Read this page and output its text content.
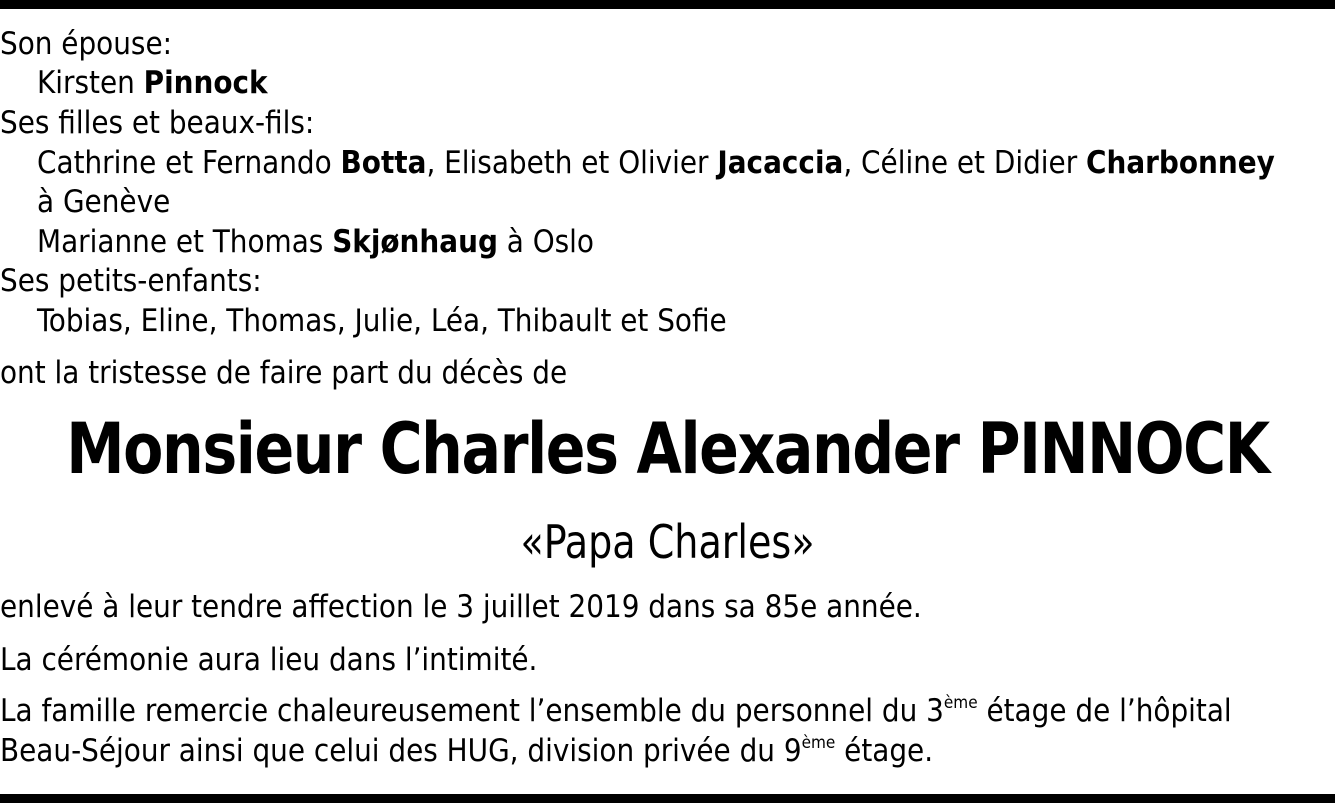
Son épouse:
Kirsten Pinnock
Ses filles et beaux-fils:
Cathrine et Fernando Botta, Elisabeth et Olivier Jacaccia, Céline et Didier Charbonney
à Genève
Marianne et Thomas Skjønhaug à Oslo
Ses petits-enfants:
Tobias, Eline, Thomas, Julie, Léa, Thibault et Sofie
ont la tristesse de faire part du décès de
Monsieur Charles Alexander PINNOCK
«Papa Charles»
enlevé à leur tendre affection le 3 juillet 2019 dans sa 85e année.
La cérémonie aura lieu dans l’intimité.
La famille remercie chaleureusement l’ensemble du personnel du 3ème étage de l’hôpital
Beau-Séjour ainsi que celui des HUG, division privée du 9ème étage.
